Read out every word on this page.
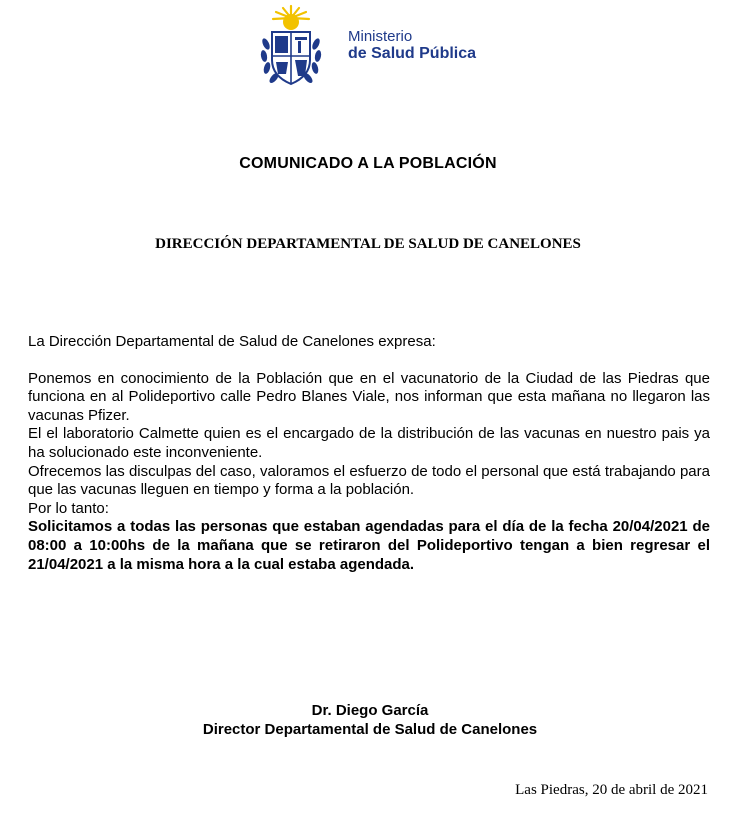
Ministerio
de Salud Pública
COMUNICADO A LA POBLACIÓN
DIRECCIÓN DEPARTAMENTAL DE SALUD DE CANELONES

La Dirección Departamental de Salud de Canelones expresa:

Ponemos en conocimiento de la Población que en el vacunatorio de la Ciudad de las Piedras que funciona en al Polideportivo calle Pedro Blanes Viale, nos informan que esta mañana no llegaron las vacunas Pfizer.

El el laboratorio Calmette quien es el encargado de la distribución de las vacunas en nuestro pais ya ha solucionado este inconveniente.

Ofrecemos las disculpas del caso, valoramos el esfuerzo de todo el personal que está trabajando para que las vacunas lleguen en tiempo y forma a la población.

Por lo tanto:

Solicitamos a todas las personas que estaban agendadas para el día de la fecha 20/04/2021 de 08:00 a 10:00hs de la mañana que se retiraron del Polideportivo tengan a bien regresar el 21/04/2021 a la misma hora a la cual estaba agendada.

Dr. Diego García
Director Departamental de Salud de Canelones
Las Piedras, 20 de abril de 2021
